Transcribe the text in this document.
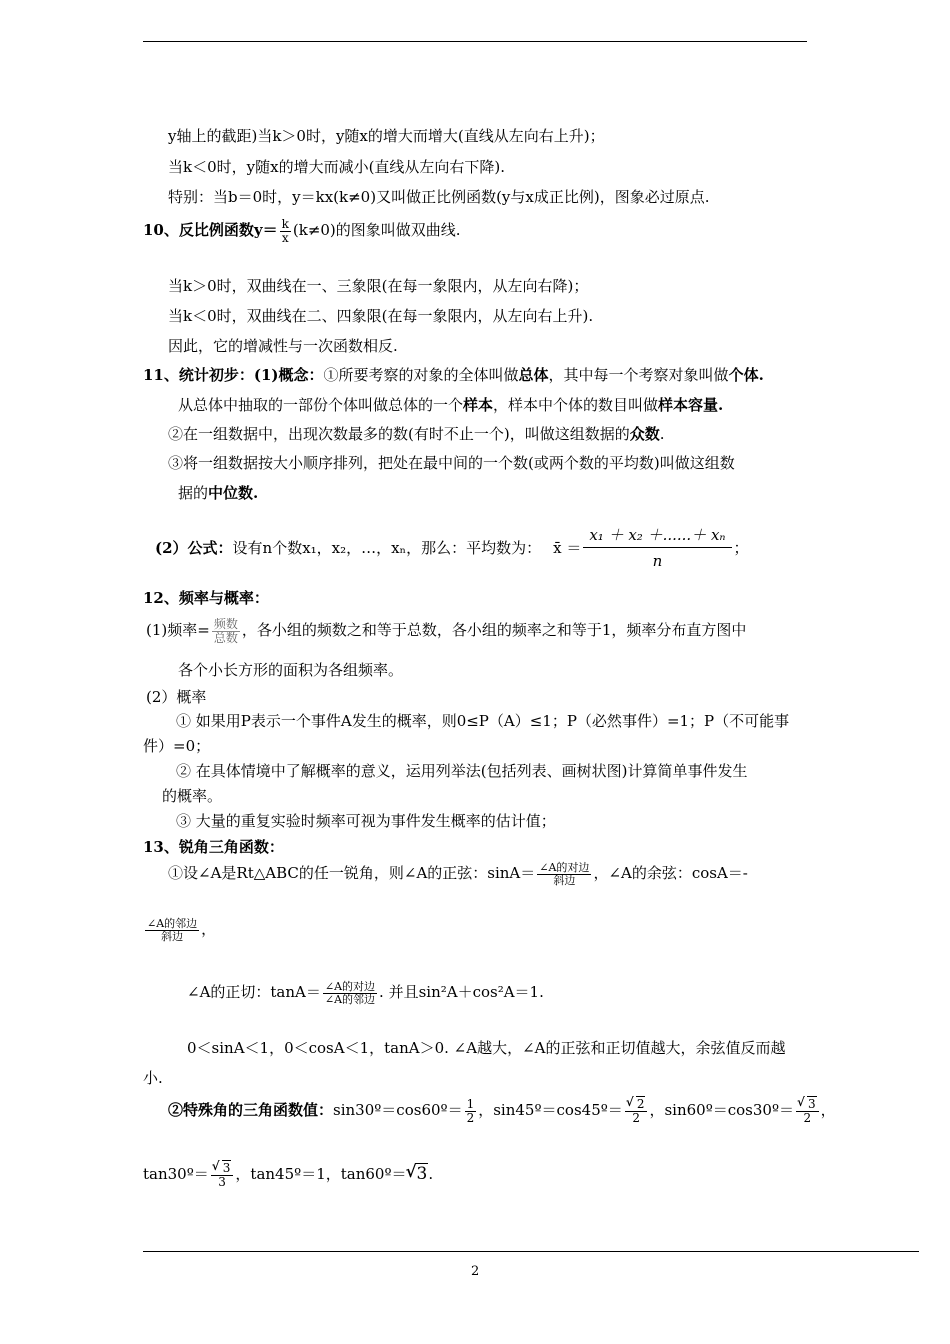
y轴上的截距)当k＞0时，y随x的增大而增大(直线从左向右上升)；
当k＜0时，y随x的增大而减小(直线从左向右下降).
特别：当b＝0时，y＝kx(k≠0)又叫做正比例函数(y与x成正比例)，图象必过原点.
10、反比例函数$y= \frac{k}{x} (k\ne 0)$的图象叫做双曲线.
当k＞0时，双曲线在一、三象限(在每一象限内，从左向右降)；
当k＜0时，双曲线在二、四象限(在每一象限内，从左向右上升).
因此，它的增减性与一次函数相反.
11、统计初步：(1)概念：①所要考察的对象的全体叫做总体，其中每一个考察对象叫做个体.
从总体中抽取的一部份个体叫做总体的一个样本，样本中个体的数目叫做样本容量.
②在一组数据中，出现次数最多的数(有时不止一个)，叫做这组数据的众数.
③将一组数据按大小顺序排列，把处在最中间的一个数(或两个数的平均数)叫做这组数
据的中位数.
(2）公式：设有n个数x₁，x₂，…，xₙ，那么：平均数为： x̄ ＝ $\frac{\text{x₁ ＋ x₂ ＋......＋ xₙ}}{n}$ ；
12、频率与概率：
(1)频率= $\frac{\text{频数}}{\text{总数}}$ ，各小组的频数之和等于总数，各小组的频率之和等于1，频率分布直方图中
各个小长方形的面积为各组频率。
(2）概率
① 如果用P表示一个事件A发生的概率，则0≤P（A）≤1；P（必然事件）=1；P（不可能事
件）=0；
② 在具体情境中了解概率的意义，运用列举法(包括列表、画树状图)计算简单事件发生
的概率。
③ 大量的重复实验时频率可视为事件发生概率的估计值；
13、锐角三角函数：
①设∠A是Rt△ABC的任一锐角，则∠A的正弦：$\sin A= \frac{\text{∠A的对边}}{\text{斜边}}$ ，∠A的余弦：cosA＝-
$\frac{\text{∠A的邻边}}{\text{斜边}}$ ，
∠A的正切：$\tan A= \frac{\text{∠A的对边}}{\text{∠A的邻边}}$ . 并且sin²A＋cos²A＝1.
0＜sinA＜1，0＜cosA＜1，tanA＞0. ∠A越大，∠A的正弦和正切值越大，余弦值反而越
小.
②特殊角的三角函数值：sin30º＝cos60º＝ $\frac{1}{2}$ ，sin45º＝cos45º＝ √ $\frac{2}{2}$ ，sin60º＝cos30º＝ √ $\frac{3}{2}$ ，
tan30º＝ √ $\frac{3}{3}$ ，tan45º＝1，tan60º＝ √ 3.
2
